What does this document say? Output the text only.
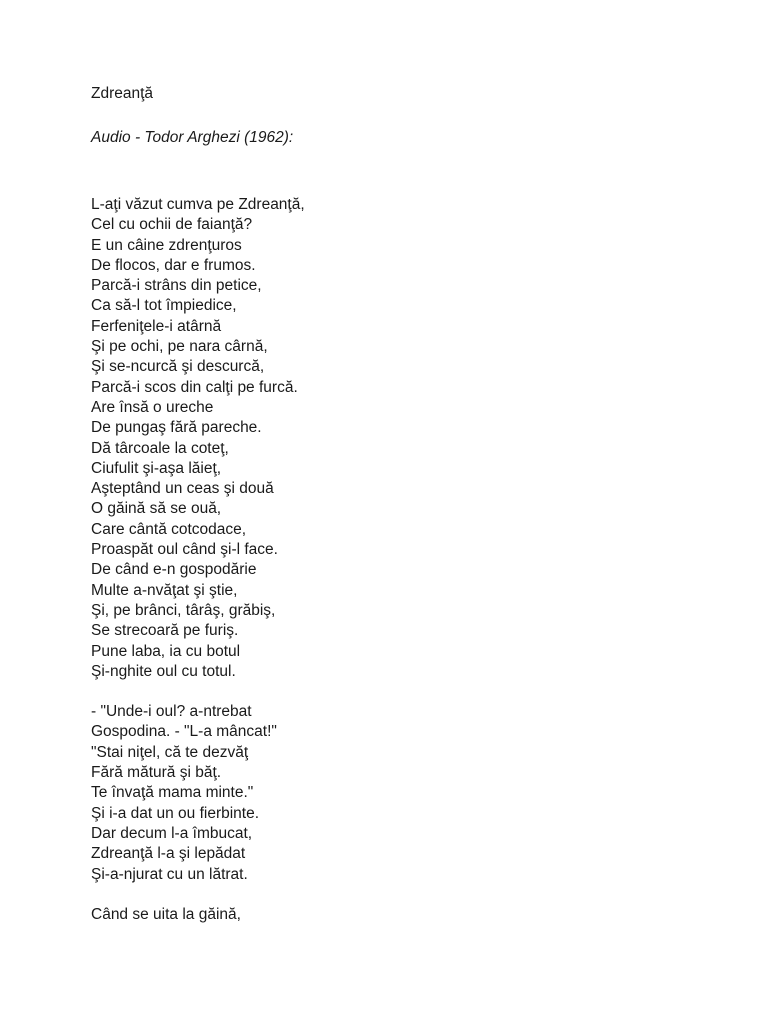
Zdreanţă
Audio - Todor Arghezi (1962):
L-aţi văzut cumva pe Zdreanţă,
Cel cu ochii de faianţă?
E un câine zdrenţuros
De flocos, dar e frumos.
Parcă-i strâns din petice,
Ca să-l tot împiedice,
Ferfeniţele-i atârnă
Şi pe ochi, pe nara cârnă,
Şi se-ncurcă şi descurcă,
Parcă-i scos din calţi pe furcă.
Are însă o ureche
De pungaş fără pareche.
Dă târcoale la coteţ,
Ciufulit şi-aşa lăieţ,
Aşteptând un ceas şi două
O găină să se ouă,
Care cântă cotcodace,
Proaspăt oul când şi-l face.
De când e-n gospodărie
Multe a-nvăţat şi ştie,
Şi, pe brânci, târâş, grăbiş,
Se strecoară pe furiş.
Pune laba, ia cu botul
Şi-nghite oul cu totul.
- "Unde-i oul? a-ntrebat
Gospodina. - "L-a mâncat!"
"Stai niţel, că te dezvăţ
Fără mătură şi băţ.
Te învaţă mama minte."
Şi i-a dat un ou fierbinte.
Dar decum l-a îmbucat,
Zdreanţă l-a şi lepădat
Şi-a-njurat cu un lătrat.
Când se uita la găină,
